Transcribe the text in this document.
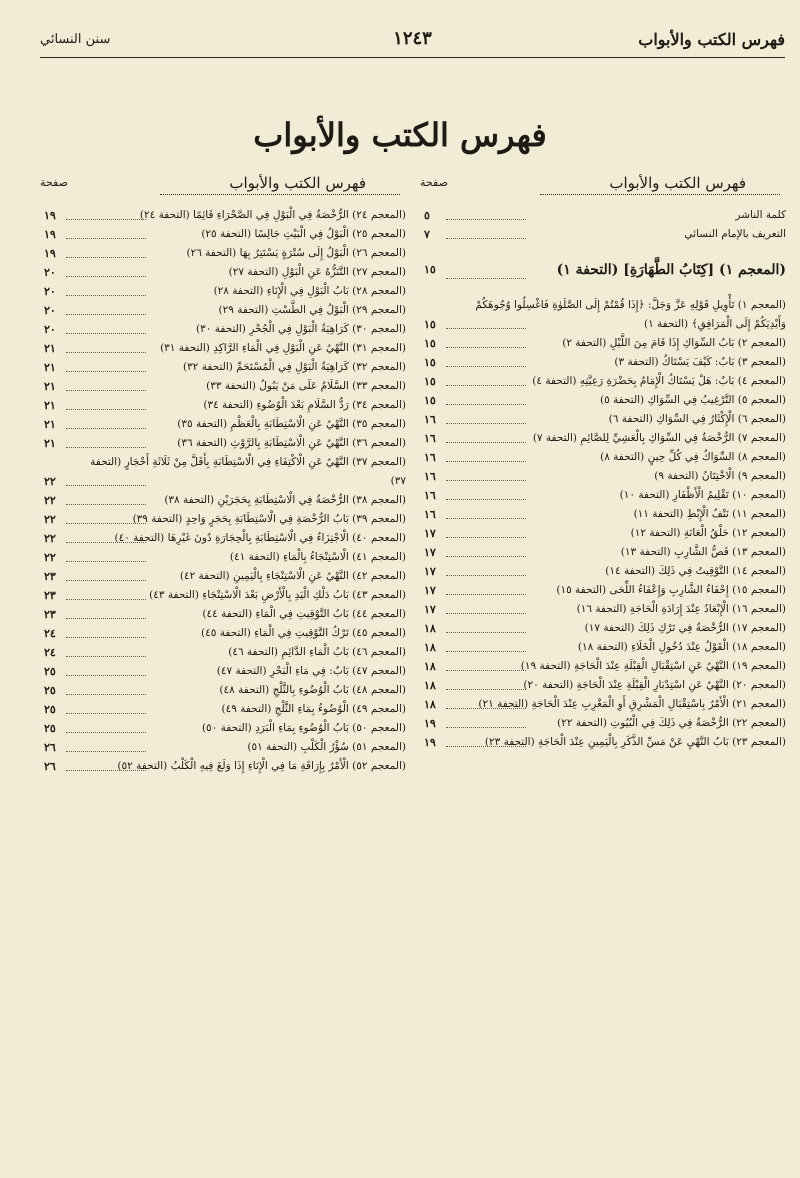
فهرس الكتب والأبواب
١٢٤٣
سنن النسائي
فهرس الكتب والأبواب
فهرس الكتب والأبواب
صفحة
كلمة الناشر
٥
التعريف بالإمام النسائي
٧
(المعجم ١) [كِتَابُ الطَّهَارَةِ] (التحفة ١)
١٥
(المعجم ١) تَأْوِيلِ قَوْلِهِ عَزَّ وَجَلَّ: ﴿إِذَا قُمْتُمْ إِلَى الصَّلَوٰةِ فَاغْسِلُوا وُجُوهَكُمْ وَأَيْدِيَكُمْ إِلَى الْمَرَافِقِ﴾ (التحفة ١)
١٥
(المعجم ٢) بَابُ السِّوَاكِ إِذَا قَامَ مِنَ اللَّيْلِ (التحفة ٢)
١٥
(المعجم ٣) بَابٌ: كَيْفَ يَسْتَاكُ (التحفة ٣)
١٥
(المعجم ٤) بَابٌ: هَلْ يَسْتَاكُ الْإِمَامُ بِحَضْرَةِ رَعِيَّتِهِ (التحفة ٤)
١٥
(المعجم ٥) التَّرْغِيبُ فِي السِّوَاكِ (التحفة ٥)
١٥
(المعجم ٦) الْإِكْثَارُ فِي السِّوَاكِ (التحفة ٦)
١٦
(المعجم ٧) الرُّخْصَةُ فِي السِّوَاكِ بِالْعَشِيِّ لِلصَّائِمِ (التحفة ٧)
١٦
(المعجم ٨) السِّوَاكُ فِي كُلِّ حِينٍ (التحفة ٨)
١٦
(المعجم ٩) الْاخْتِتَانُ (التحفة ٩)
١٦
(المعجم ١٠) تَقْلِيمُ الْأَظْفَارِ (التحفة ١٠)
١٦
(المعجم ١١) نَتْفُ الْإِبْطِ (التحفة ١١)
١٦
(المعجم ١٢) حَلْقُ الْعَانَةِ (التحفة ١٢)
١٧
(المعجم ١٣) قَصُّ الشَّارِبِ (التحفة ١٣)
١٧
(المعجم ١٤) التَّوْقِيتُ فِي ذَلِكَ (التحفة ١٤)
١٧
(المعجم ١٥) إِحْفَاءُ الشَّارِبِ وَإِعْفَاءُ اللِّحَى (التحفة ١٥)
١٧
(المعجم ١٦) الْإِبْعَادُ عِنْدَ إِرَادَةِ الْحَاجَةِ (التحفة ١٦)
١٧
(المعجم ١٧) الرُّخْصَةُ فِي تَرْكِ ذَلِكَ (التحفة ١٧)
١٨
(المعجم ١٨) الْقَوْلُ عِنْدَ دُخُولِ الْخَلَاءِ (التحفة ١٨)
١٨
(المعجم ١٩) النَّهْيُ عَنِ اسْتِقْبَالِ الْقِبْلَةِ عِنْدَ الْحَاجَةِ (التحفة ١٩)
١٨
(المعجم ٢٠) النَّهْيُ عَنِ اسْتِدْبَارِ الْقِبْلَةِ عِنْدَ الْحَاجَةِ (التحفة ٢٠)
١٨
(المعجم ٢١) الْأَمْرُ بِاسْتِقْبَالِ الْمَشْرِقِ أَوِ الْمَغْرِبِ عِنْدَ الْحَاجَةِ (التحفة ٢١)
١٨
(المعجم ٢٢) الرُّخْصَةُ فِي ذَلِكَ فِي الْبُيُوتِ (التحفة ٢٢)
١٩
(المعجم ٢٣) بَابُ النَّهْيِ عَنْ مَسِّ الذَّكَرِ بِالْيَمِينِ عِنْدَ الْحَاجَةِ (التحفة ٢٣)
١٩
فهرس الكتب والأبواب
صفحة
(المعجم ٢٤) الرُّخْصَةُ فِي الْبَوْلِ فِي الصَّحْرَاءِ قَائِمًا (التحفة ٢٤)
١٩
(المعجم ٢٥) الْبَوْلُ فِي الْبَيْتِ جَالِسًا (التحفة ٢٥)
١٩
(المعجم ٢٦) الْبَوْلُ إِلَى سُتْرَةٍ يَسْتَتِرُ بِهَا (التحفة ٢٦)
١٩
(المعجم ٢٧) التَّنَزُّهُ عَنِ الْبَوْلِ (التحفة ٢٧)
٢٠
(المعجم ٢٨) بَابُ الْبَوْلِ فِي الْإِنَاءِ (التحفة ٢٨)
٢٠
(المعجم ٢٩) الْبَوْلُ فِي الطَّسْتِ (التحفة ٢٩)
٢٠
(المعجم ٣٠) كَرَاهِيَةُ الْبَوْلِ فِي الْجُحْرِ (التحفة ٣٠)
٢٠
(المعجم ٣١) النَّهْيُ عَنِ الْبَوْلِ فِي الْمَاءِ الرَّاكِدِ (التحفة ٣١)
٢١
(المعجم ٣٢) كَرَاهِيَةُ الْبَوْلِ فِي الْمُسْتَحَمِّ (التحفة ٣٢)
٢١
(المعجم ٣٣) السَّلَامُ عَلَى مَنْ يَبُولُ (التحفة ٣٣)
٢١
(المعجم ٣٤) رَدُّ السَّلَامِ بَعْدَ الْوُضُوءِ (التحفة ٣٤)
٢١
(المعجم ٣٥) النَّهْيُ عَنِ الْاسْتِطَابَةِ بِالْعَظْمِ (التحفة ٣٥)
٢١
(المعجم ٣٦) النَّهْيُ عَنِ الْاسْتِطَابَةِ بِالرَّوْثِ (التحفة ٣٦)
٢١
(المعجم ٣٧) النَّهْيُ عَنِ الْاكْتِفَاءِ فِي الْاسْتِطَابَةِ بِأَقَلَّ مِنْ ثَلَاثَةِ أَحْجَارٍ (التحفة ٣٧)
٢٢
(المعجم ٣٨) الرُّخْصَةُ فِي الْاسْتِطَابَةِ بِحَجَرَيْنِ (التحفة ٣٨)
٢٢
(المعجم ٣٩) بَابُ الرُّخْصَةِ فِي الْاسْتِطَابَةِ بِحَجَرٍ وَاحِدٍ (التحفة ٣٩)
٢٢
(المعجم ٤٠) الْاجْتِزَاءُ فِي الْاسْتِطَابَةِ بِالْحِجَارَةِ دُونَ غَيْرِهَا (التحفة ٤٠)
٢٢
(المعجم ٤١) الْاسْتِنْجَاءُ بِالْمَاءِ (التحفة ٤١)
٢٢
(المعجم ٤٢) النَّهْيُ عَنِ الْاسْتِنْجَاءِ بِالْيَمِينِ (التحفة ٤٢)
٢٣
(المعجم ٤٣) بَابُ دَلْكِ الْيَدِ بِالْأَرْضِ بَعْدَ الْاسْتِنْجَاءِ (التحفة ٤٣)
٢٣
(المعجم ٤٤) بَابُ التَّوْقِيتِ فِي الْمَاءِ (التحفة ٤٤)
٢٣
(المعجم ٤٥) تَرْكُ التَّوْقِيتِ فِي الْمَاءِ (التحفة ٤٥)
٢٤
(المعجم ٤٦) بَابُ الْمَاءِ الدَّائِمِ (التحفة ٤٦)
٢٤
(المعجم ٤٧) بَابٌ: فِي مَاءِ الْبَحْرِ (التحفة ٤٧)
٢٥
(المعجم ٤٨) بَابُ الْوُضُوءِ بِالثَّلْجِ (التحفة ٤٨)
٢٥
(المعجم ٤٩) الْوُضُوءُ بِمَاءِ الثَّلْجِ (التحفة ٤٩)
٢٥
(المعجم ٥٠) بَابُ الْوُضُوءِ بِمَاءِ الْبَرَدِ (التحفة ٥٠)
٢٥
(المعجم ٥١) سُؤْرُ الْكَلْبِ (التحفة ٥١)
٢٦
(المعجم ٥٢) الْأَمْرُ بِإِرَاقَةِ مَا فِي الْإِنَاءِ إِذَا وَلَغَ فِيهِ الْكَلْبُ (التحفة ٥٢)
٢٦
